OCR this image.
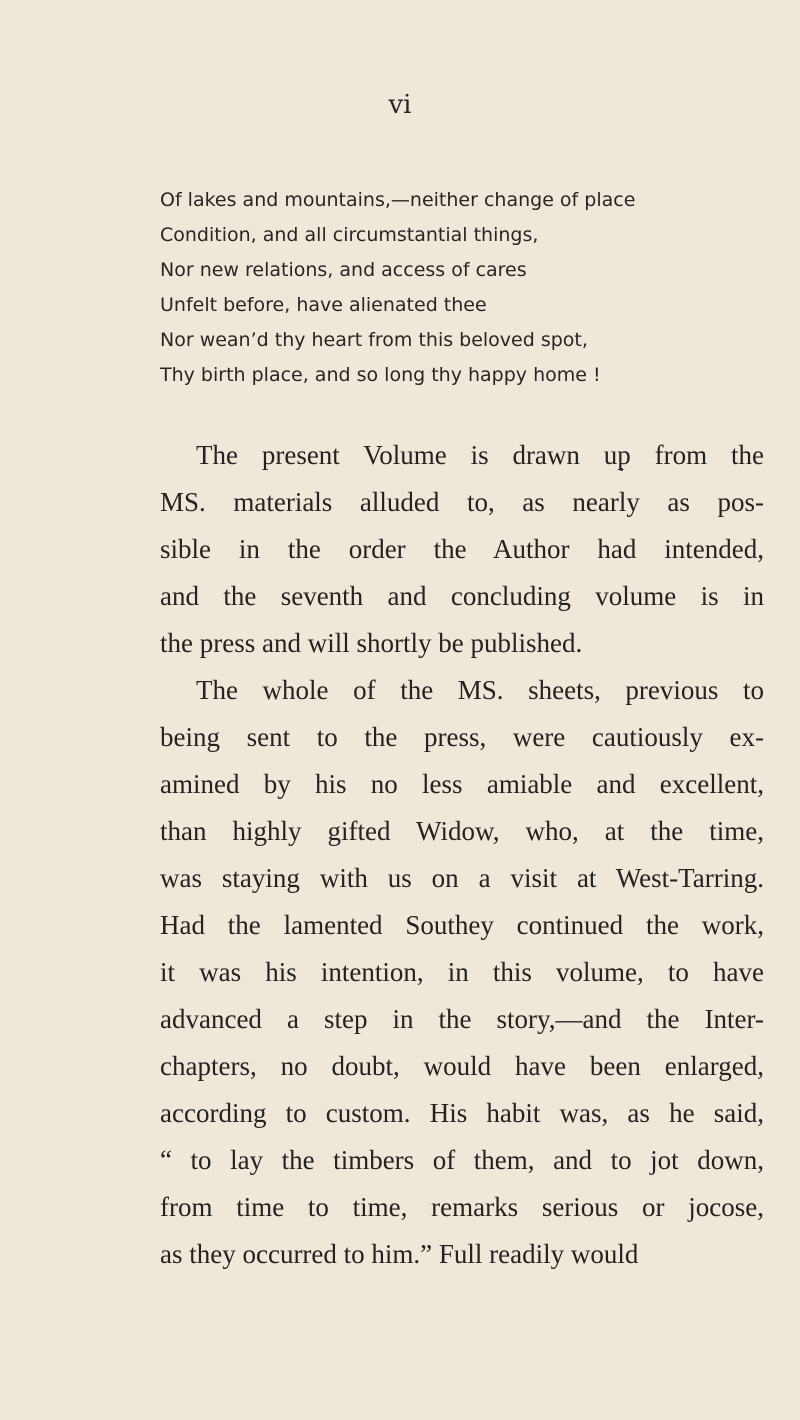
vi
Of lakes and mountains,—neither change of place
Condition, and all circumstantial things,
Nor new relations, and access of cares
Unfelt before, have alienated thee
Nor wean’d thy heart from this beloved spot,
Thy birth place, and so long thy happy home !
The present Volume is drawn up from the
MS. materials alluded to, as nearly as pos-
sible in the order the Author had intended,
and the seventh and concluding volume is in
the press and will shortly be published.
The whole of the MS. sheets, previous to
being sent to the press, were cautiously ex-
amined by his no less amiable and excellent,
than highly gifted Widow, who, at the time,
was staying with us on a visit at West-Tarring.
Had the lamented Southey continued the work,
it was his intention, in this volume, to have
advanced a step in the story,—and the Inter-
chapters, no doubt, would have been enlarged,
according to custom. His habit was, as he said,
“ to lay the timbers of them, and to jot down,
from time to time, remarks serious or jocose,
as they occurred to him.” Full readily would
